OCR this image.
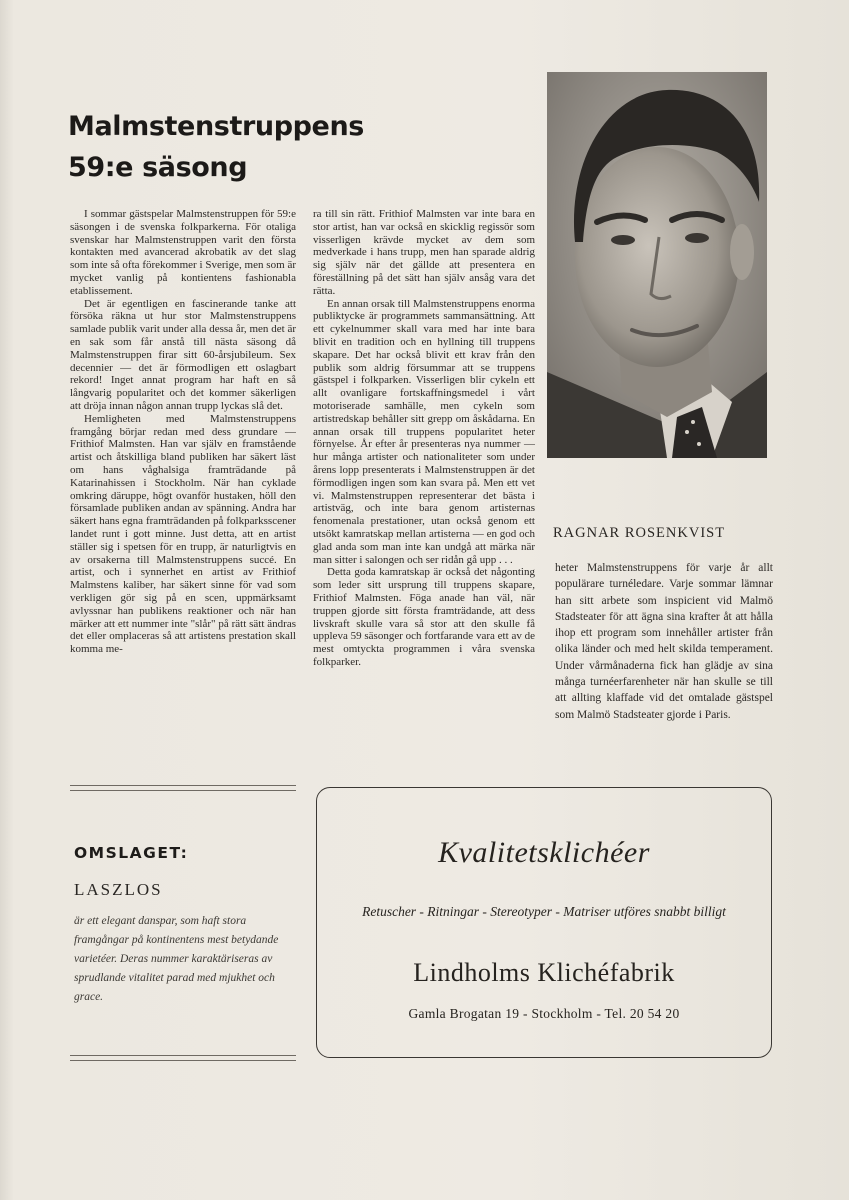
Malmstenstruppens
59:e säsong

I sommar gästspelar Malmstenstruppen för 59:e säsongen i de svenska folkparkerna. För otaliga svenskar har Malmstenstruppen varit den första kontakten med avancerad akrobatik av det slag som inte så ofta förekommer i Sverige, men som är mycket vanlig på kontientens fashionabla etablissement.

Det är egentligen en fascinerande tanke att försöka räkna ut hur stor Malmstenstruppens samlade publik varit under alla dessa år, men det är en sak som får anstå till nästa säsong då Malmstenstruppen firar sitt 60-årsjubileum. Sex decennier — det är förmodligen ett oslagbart rekord! Inget annat program har haft en så långvarig popularitet och det kommer säkerligen att dröja innan någon annan trupp lyckas slå det.

Hemligheten med Malmstenstruppens framgång börjar redan med dess grundare — Frithiof Malmsten. Han var själv en framstående artist och åtskilliga bland publiken har säkert läst om hans våghalsiga framträdande på Katarinahissen i Stockholm. När han cyklade omkring däruppe, högt ovanför hustaken, höll den församlade publiken andan av spänning. Andra har säkert hans egna framträdanden på folkparksscener landet runt i gott minne. Just detta, att en artist ställer sig i spetsen för en trupp, är naturligtvis en av orsakerna till Malmstenstruppens succé. En artist, och i synnerhet en artist av Frithiof Malmstens kaliber, har säkert sinne för vad som verkligen gör sig på en scen, uppmärksamt avlyssnar han publikens reaktioner och när han märker att ett nummer inte "slår" på rätt sätt ändras det eller omplaceras så att artistens prestation skall komma me-

ra till sin rätt. Frithiof Malmsten var inte bara en stor artist, han var också en skicklig regissör som visserligen krävde mycket av dem som medverkade i hans trupp, men han sparade aldrig sig själv när det gällde att presentera en föreställning på det sätt han själv ansåg vara det rätta.

En annan orsak till Malmstenstruppens enorma publiktycke är programmets sammansättning. Att ett cykelnummer skall vara med har inte bara blivit en tradition och en hyllning till truppens skapare. Det har också blivit ett krav från den publik som aldrig försummar att se truppens gästspel i folkparken. Visserligen blir cykeln ett allt ovanligare fortskaffningsmedel i vårt motoriserade samhälle, men cykeln som artistredskap behåller sitt grepp om åskådarna. En annan orsak till truppens popularitet heter förnyelse. År efter år presenteras nya nummer — hur många artister och nationaliteter som under årens lopp presenterats i Malmstenstruppen är det förmodligen ingen som kan svara på. Men ett vet vi. Malmstenstruppen representerar det bästa i artistväg, och inte bara genom artisternas fenomenala prestationer, utan också genom ett utsökt kamratskap mellan artisterna — en god och glad anda som man inte kan undgå att märka när man sitter i salongen och ser ridån gå upp . . .

Detta goda kamratskap är också det någonting som leder sitt ursprung till truppens skapare, Frithiof Malmsten. Föga anade han väl, när truppen gjorde sitt första framträdande, att dess livskraft skulle vara så stor att den skulle få uppleva 59 säsonger och fortfarande vara ett av de mest omtyckta programmen i våra svenska folkparker.

RAGNAR ROSENKVIST

heter Malmstenstruppens för varje år allt populärare turnéledare. Varje sommar lämnar han sitt arbete som inspicient vid Malmö Stadsteater för att ägna sina krafter åt att hålla ihop ett program som innehåller artister från olika länder och med helt skilda temperament. Under vårmånaderna fick han glädje av sina många turnéerfarenheter när han skulle se till att allting klaffade vid det omtalade gästspel som Malmö Stadsteater gjorde i Paris.

OMSLAGET:
LASZLOS
är ett elegant danspar, som haft stora framgångar på kontinentens mest betydande varietéer. Deras nummer karaktäriseras av sprudlande vitalitet parad med mjukhet och grace.
Kvalitetsklichéer
Retuscher - Ritningar - Stereotyper - Matriser utföres snabbt billigt
Lindholms Klichéfabrik
Gamla Brogatan 19 - Stockholm - Tel. 20 54 20
